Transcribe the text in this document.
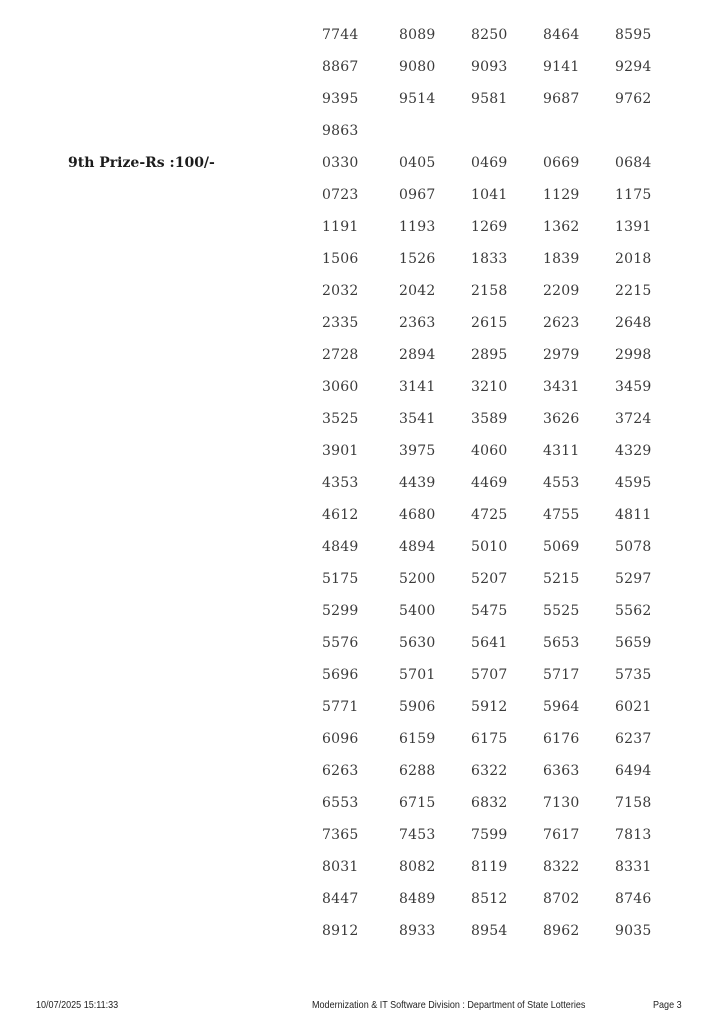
7744	8089	8250	8464	8595
8867	9080	9093	9141	9294
9395	9514	9581	9687	9762
9863
9th Prize-Rs :100/-	0330	0405	0469	0669	0684
0723	0967	1041	1129	1175
1191	1193	1269	1362	1391
1506	1526	1833	1839	2018
2032	2042	2158	2209	2215
2335	2363	2615	2623	2648
2728	2894	2895	2979	2998
3060	3141	3210	3431	3459
3525	3541	3589	3626	3724
3901	3975	4060	4311	4329
4353	4439	4469	4553	4595
4612	4680	4725	4755	4811
4849	4894	5010	5069	5078
5175	5200	5207	5215	5297
5299	5400	5475	5525	5562
5576	5630	5641	5653	5659
5696	5701	5707	5717	5735
5771	5906	5912	5964	6021
6096	6159	6175	6176	6237
6263	6288	6322	6363	6494
6553	6715	6832	7130	7158
7365	7453	7599	7617	7813
8031	8082	8119	8322	8331
8447	8489	8512	8702	8746
8912	8933	8954	8962	9035
10/07/2025 15:11:33	Modernization & IT Software Division : Department of State Lotteries	Page 3
